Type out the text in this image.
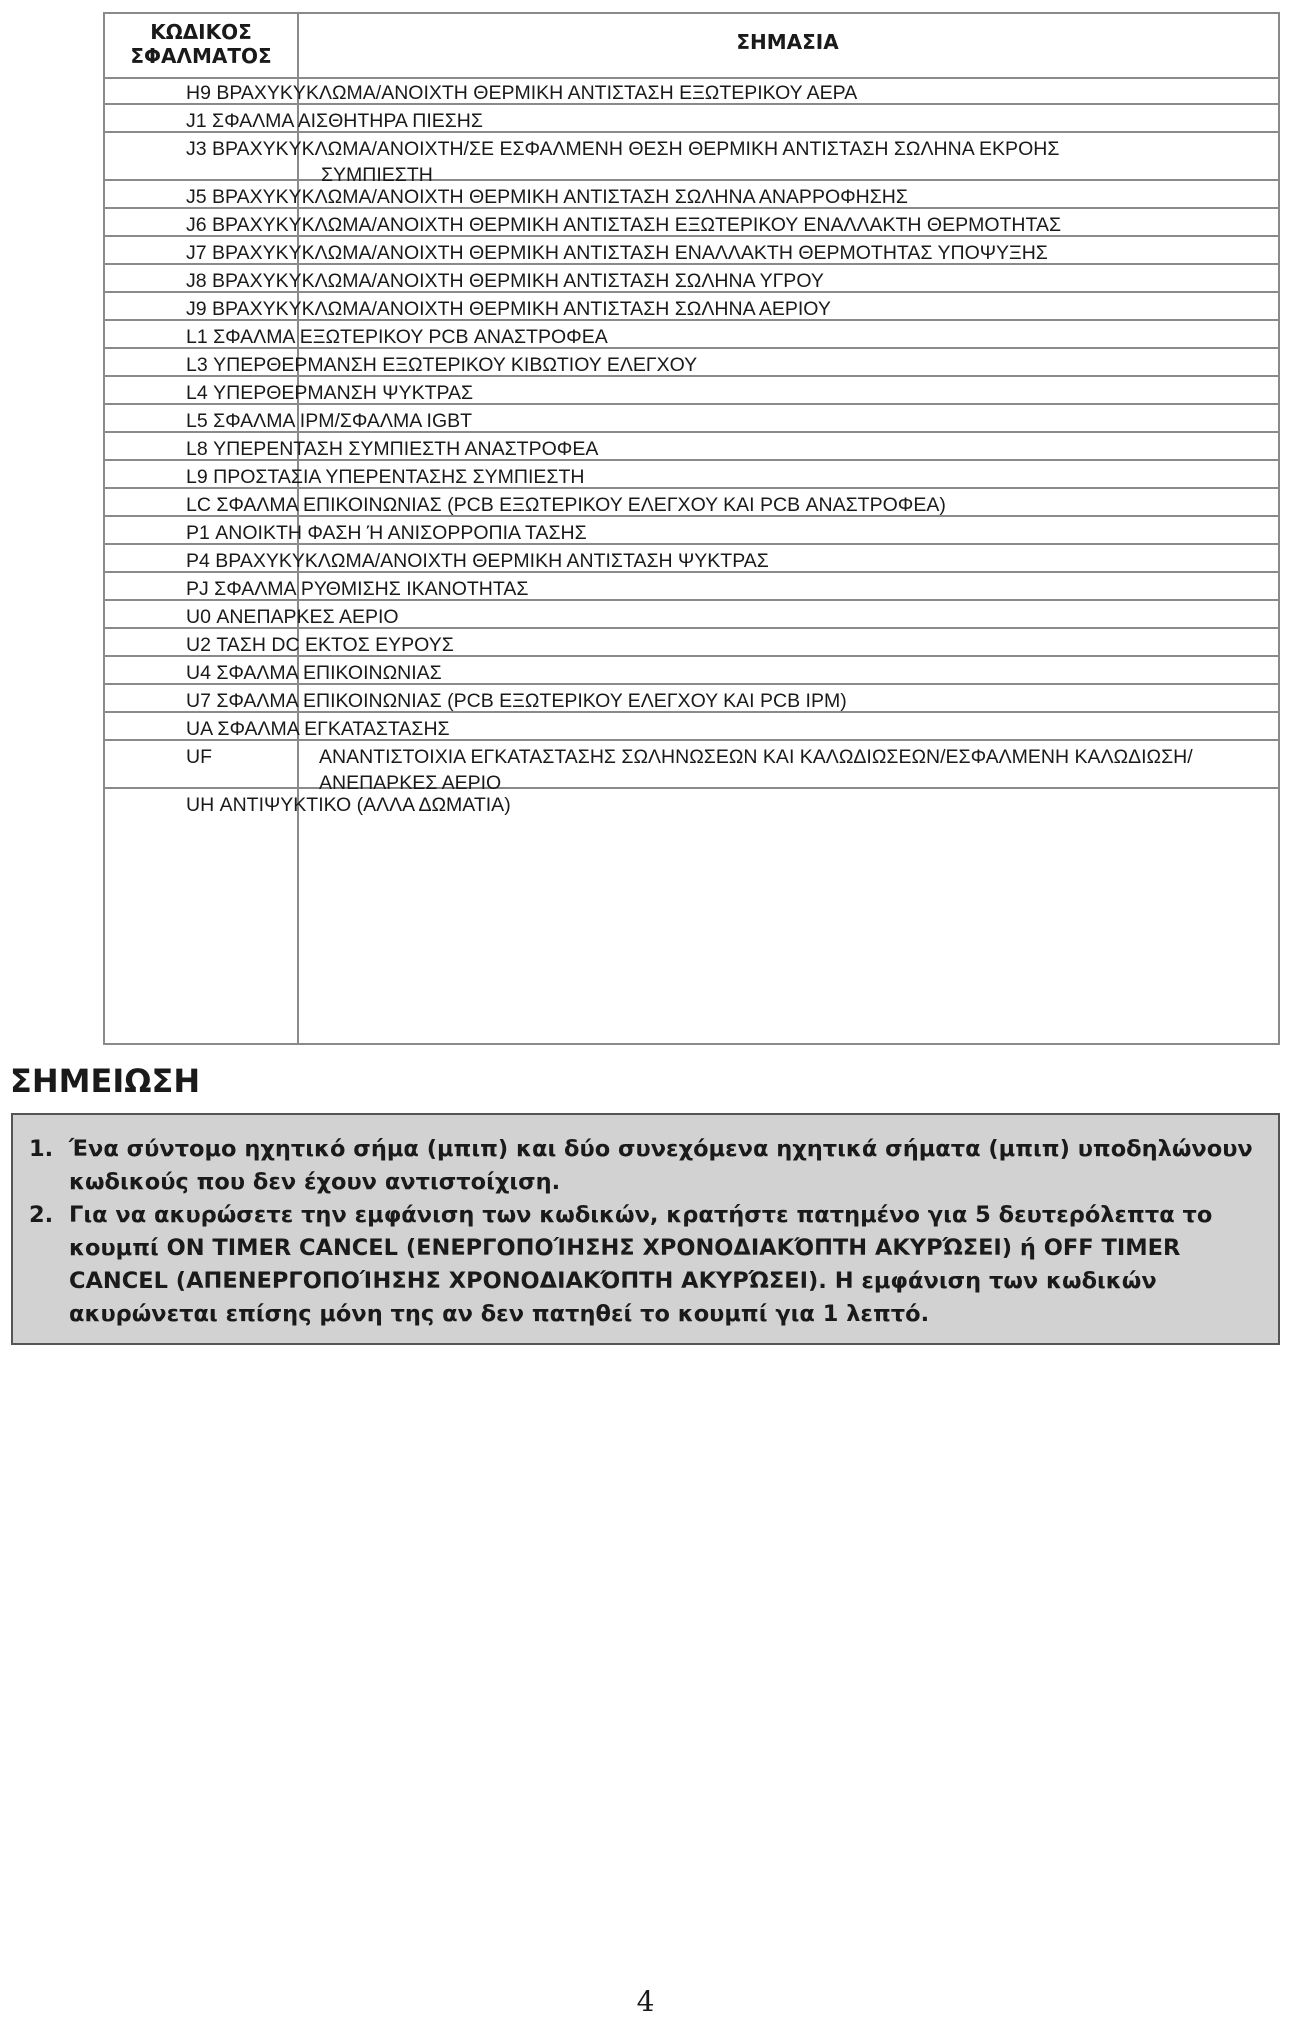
ΚΩΔΙΚΟΣ
ΣΦΑΛΜΑΤΟΣ
ΣΗΜΑΣΙΑ
H9 ΒΡΑΧΥΚΥΚΛΩΜΑ/ΑΝΟΙΧΤΗ ΘΕΡΜΙΚΗ ΑΝΤΙΣΤΑΣΗ ΕΞΩΤΕΡΙΚΟΥ ΑΕΡΑ
J1 ΣΦΑΛΜΑ ΑΙΣΘΗΤΗΡΑ ΠΙΕΣΗΣ
J3 ΒΡΑΧΥΚΥΚΛΩΜΑ/ΑΝΟΙΧΤΗ/ΣΕ ΕΣΦΑΛΜΕΝΗ ΘΕΣΗ ΘΕΡΜΙΚΗ ΑΝΤΙΣΤΑΣΗ ΣΩΛΗΝΑ ΕΚΡΟΗΣ
ΣΥΜΠΙΕΣΤΗ
J5 ΒΡΑΧΥΚΥΚΛΩΜΑ/ΑΝΟΙΧΤΗ ΘΕΡΜΙΚΗ ΑΝΤΙΣΤΑΣΗ ΣΩΛΗΝΑ ΑΝΑΡΡΟΦΗΣΗΣ
J6 ΒΡΑΧΥΚΥΚΛΩΜΑ/ΑΝΟΙΧΤΗ ΘΕΡΜΙΚΗ ΑΝΤΙΣΤΑΣΗ ΕΞΩΤΕΡΙΚΟΥ ΕΝΑΛΛΑΚΤΗ ΘΕΡΜΟΤΗΤΑΣ
J7 ΒΡΑΧΥΚΥΚΛΩΜΑ/ΑΝΟΙΧΤΗ ΘΕΡΜΙΚΗ ΑΝΤΙΣΤΑΣΗ ΕΝΑΛΛΑΚΤΗ ΘΕΡΜΟΤΗΤΑΣ ΥΠΟΨΥΞΗΣ
J8 ΒΡΑΧΥΚΥΚΛΩΜΑ/ΑΝΟΙΧΤΗ ΘΕΡΜΙΚΗ ΑΝΤΙΣΤΑΣΗ ΣΩΛΗΝΑ ΥΓΡΟΥ
J9 ΒΡΑΧΥΚΥΚΛΩΜΑ/ΑΝΟΙΧΤΗ ΘΕΡΜΙΚΗ ΑΝΤΙΣΤΑΣΗ ΣΩΛΗΝΑ ΑΕΡΙΟΥ
L1 ΣΦΑΛΜΑ ΕΞΩΤΕΡΙΚΟΥ PCB ΑΝΑΣΤΡΟΦΕΑ
L3 ΥΠΕΡΘΕΡΜΑΝΣΗ ΕΞΩΤΕΡΙΚΟΥ ΚΙΒΩΤΙΟΥ ΕΛΕΓΧΟΥ
L4 ΥΠΕΡΘΕΡΜΑΝΣΗ ΨΥΚΤΡΑΣ
L5 ΣΦΑΛΜΑ IPM/ΣΦΑΛΜΑ IGBT
L8 ΥΠΕΡΕΝΤΑΣΗ ΣΥΜΠΙΕΣΤΗ ΑΝΑΣΤΡΟΦΕΑ
L9 ΠΡΟΣΤΑΣΙΑ ΥΠΕΡΕΝΤΑΣΗΣ ΣΥΜΠΙΕΣΤΗ
LC ΣΦΑΛΜΑ ΕΠΙΚΟΙΝΩΝΙΑΣ (PCB ΕΞΩΤΕΡΙΚΟΥ ΕΛΕΓΧΟΥ ΚΑΙ PCB ΑΝΑΣΤΡΟΦΕΑ)
P1 ΑΝΟΙΚΤΗ ΦΑΣΗ Ή ΑΝΙΣΟΡΡΟΠΙΑ ΤΑΣΗΣ
P4 ΒΡΑΧΥΚΥΚΛΩΜΑ/ΑΝΟΙΧΤΗ ΘΕΡΜΙΚΗ ΑΝΤΙΣΤΑΣΗ ΨΥΚΤΡΑΣ
PJ ΣΦΑΛΜΑ ΡΥΘΜΙΣΗΣ ΙΚΑΝΟΤΗΤΑΣ
U0 ΑΝΕΠΑΡΚΕΣ ΑΕΡΙΟ
U2 ΤΑΣΗ DC ΕΚΤΟΣ ΕΥΡΟΥΣ
U4 ΣΦΑΛΜΑ ΕΠΙΚΟΙΝΩΝΙΑΣ
U7 ΣΦΑΛΜΑ ΕΠΙΚΟΙΝΩΝΙΑΣ (PCB ΕΞΩΤΕΡΙΚΟΥ ΕΛΕΓΧΟΥ ΚΑΙ PCB IPM)
UA ΣΦΑΛΜΑ ΕΓΚΑΤΑΣΤΑΣΗΣ
UF	ΑΝΑΝΤΙΣΤΟΙΧΙΑ ΕΓΚΑΤΑΣΤΑΣΗΣ ΣΩΛΗΝΩΣΕΩΝ ΚΑΙ ΚΑΛΩΔΙΩΣΕΩΝ/ΕΣΦΑΛΜΕΝΗ ΚΑΛΩΔΙΩΣΗ/
ΑΝΕΠΑΡΚΕΣ ΑΕΡΙΟ
UH ΑΝΤΙΨΥΚΤΙΚΟ (ΑΛΛΑ ΔΩΜΑΤΙΑ)
ΣΗΜΕΙΩΣΗ
1. Ένα σύντομο ηχητικό σήμα (μπιπ) και δύο συνεχόμενα ηχητικά σήματα (μπιπ) υποδηλώνουν κωδικούς που δεν έχουν αντιστοίχιση.
2. Για να ακυρώσετε την εμφάνιση των κωδικών, κρατήστε πατημένο για 5 δευτερόλεπτα το κουμπί ON TIMER CANCEL (ΕΝΕΡΓΟΠΟΊΗΣΗΣ ΧΡΟΝΟΔΙΑΚΌΠΤΗ ΑΚΥΡΏΣΕΙ) ή OFF TIMER CANCEL (ΑΠΕΝΕΡΓΟΠΟΊΗΣΗΣ ΧΡΟΝΟΔΙΑΚΌΠΤΗ ΑΚΥΡΏΣΕΙ). Η εμφάνιση των κωδικών ακυρώνεται επίσης μόνη της αν δεν πατηθεί το κουμπί για 1 λεπτό.
4
